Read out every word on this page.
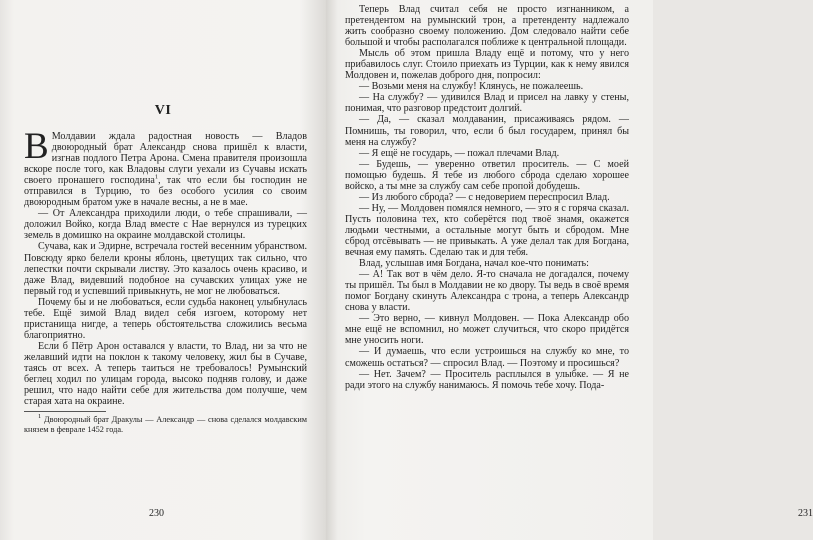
VI

В Молдавии ждала радостная новость — Владов двоюродный брат Александр снова пришёл к власти, изгнав подлого Петра Арона. Смена правителя произошла вскоре после того, как Владовы слуги уехали из Сучавы искать своего пронашего господина$^1$, так что если бы господин не отправился в Турцию, то без особого усилия со своим двоюродным братом уже в начале весны, а не в мае.

— От Александра приходили люди, о тебе спрашивали, — доложил Войко, когда Влад вместе с Нае вернулся из турецких земель в домишко на окраине молдавской столицы.

Сучава, как и Эдирне, встречала гостей весенним убранством. Повсюду ярко белели кроны яблонь, цветущих так сильно, что лепестки почти скрывали листву. Это казалось очень красиво, и даже Влад, видевший подобное на сучавских улицах уже не первый год и успевший привыкнуть, не мог не любоваться.

Почему бы и не любоваться, если судьба наконец улыбнулась тебе. Ещё зимой Влад видел себя изгоем, которому нет пристанища нигде, а теперь обстоятельства сложились весьма благоприятно.

Если б Пётр Арон оставался у власти, то Влад, ни за что не желавший идти на поклон к такому человеку, жил бы в Сучаве, таясь от всех. А теперь таиться не требовалось! Румынский беглец ходил по улицам города, высоко подняв голову, и даже решил, что надо найти себе для жительства дом получше, чем старая хата на окраине.

$^1$ Двоюродный брат Дракулы — Александр — снова сделался молдавским князем в феврале 1452 года.

230	231

Теперь Влад считал себя не просто изгнанником, а претендентом на румынский трон, а претенденту надлежало жить сообразно своему положению. Дом следовало найти себе большой и чтобы располагался поближе к центральной площади.

Мысль об этом пришла Владу ещё и потому, что у него прибавилось слуг. Стоило приехать из Турции, как к нему явился Молдовен и, пожелав доброго дня, попросил:

— Возьми меня на службу! Клянусь, не пожалеешь.

— На службу? — удивился Влад и присел на лавку у стены, понимая, что разговор предстоит долгий.

— Да, — сказал молдаванин, присаживаясь рядом. — Помнишь, ты говорил, что, если б был государем, принял бы меня на службу?

— Я ещё не государь, — пожал плечами Влад.

— Будешь, — уверенно ответил проситель. — С моей помощью будешь. Я тебе из любого сброда сделаю хорошее войско, а ты мне за службу сам себе пропой добудешь.

— Из любого сброда? — с недоверием переспросил Влад.

— Ну, — Молдовен помялся немного, — это я с горяча сказал. Пусть половина тех, кто соберётся под твоё знамя, окажется людьми честными, а остальные могут быть и сбродом. Мне сброд отсёвывать — не привыкать. А уже делал так для Богдана, вечная ему память. Сделаю так и для тебя.

Влад, услышав имя Богдана, начал кое-что понимать:

— А! Так вот в чём дело. Я-то сначала не догадался, почему ты пришёл. Ты был в Молдавии не ко двору. Ты ведь в своё время помог Богдану скинуть Александра с трона, а теперь Александр снова у власти.

— Это верно, — кивнул Молдовен. — Пока Александр обо мне ещё не вспомнил, но может случиться, что скоро придётся мне уносить ноги.

— И думаешь, что если устроишься на службу ко мне, то сможешь остаться? — спросил Влад. — Поэтому и просишься?

— Нет. Зачем? — Проситель расплылся в улыбке. — Я не ради этого на службу нанимаюсь. Я помочь тебе хочу. Пода-
